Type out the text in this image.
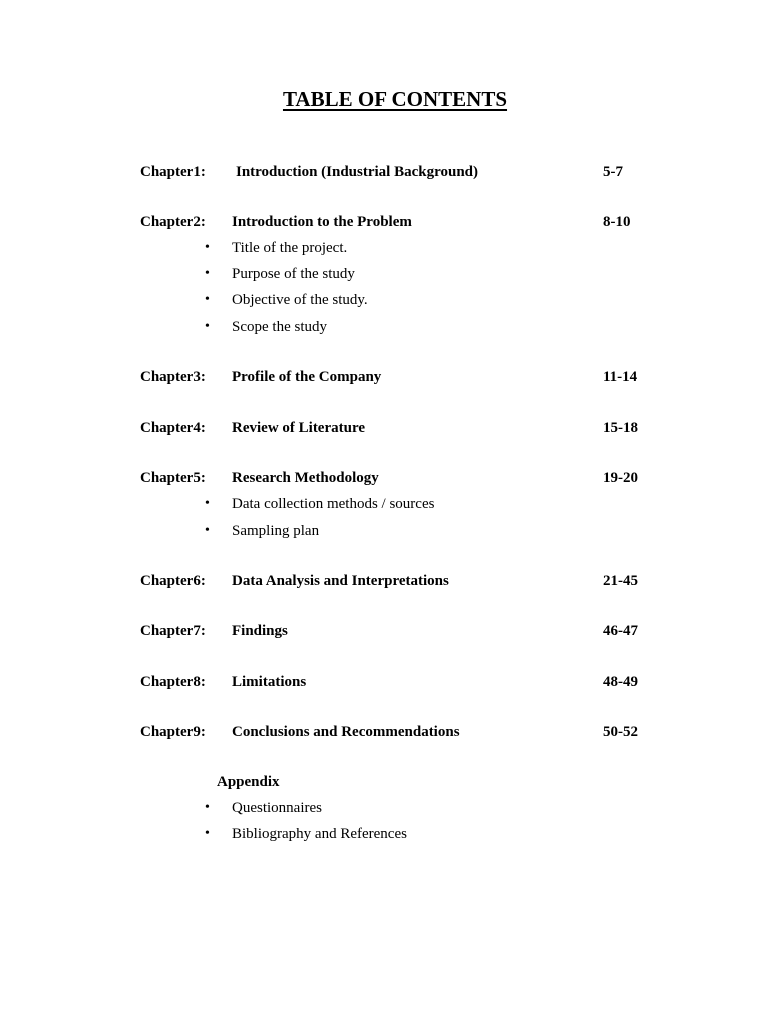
TABLE OF CONTENTS
Chapter1: Introduction (Industrial Background)	5-7
Chapter2: Introduction to the Problem	8-10
• Title of the project.
• Purpose of the study
• Objective of the study.
• Scope the study
Chapter3: Profile of the Company	11-14
Chapter4: Review of Literature	15-18
Chapter5: Research Methodology	19-20
• Data collection methods / sources
• Sampling plan
Chapter6: Data Analysis and Interpretations	21-45
Chapter7: Findings	46-47
Chapter8: Limitations	48-49
Chapter9: Conclusions and Recommendations	50-52
Appendix
• Questionnaires
• Bibliography and References
